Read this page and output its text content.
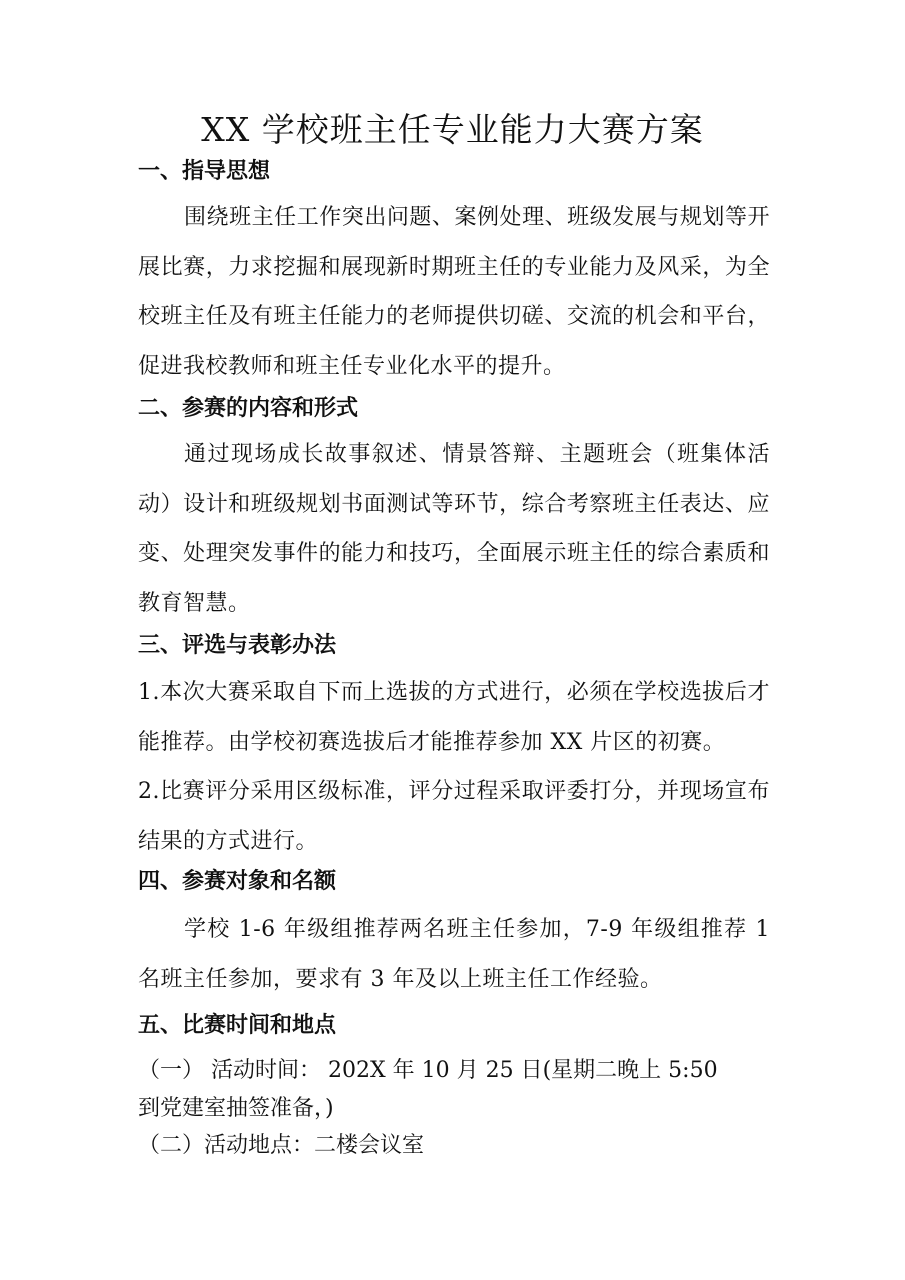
XX 学校班主任专业能力大赛方案
一、指导思想
围绕班主任工作突出问题、案例处理、班级发展与规划等开展比赛，力求挖掘和展现新时期班主任的专业能力及风采，为全校班主任及有班主任能力的老师提供切磋、交流的机会和平台，促进我校教师和班主任专业化水平的提升。
二、参赛的内容和形式
通过现场成长故事叙述、情景答辩、主题班会（班集体活动）设计和班级规划书面测试等环节，综合考察班主任表达、应变、处理突发事件的能力和技巧，全面展示班主任的综合素质和教育智慧。
三、评选与表彰办法
1.本次大赛采取自下而上选拔的方式进行，必须在学校选拔后才能推荐。由学校初赛选拔后才能推荐参加 XX 片区的初赛。
2.比赛评分采用区级标准，评分过程采取评委打分，并现场宣布结果的方式进行。
四、参赛对象和名额
学校 1-6 年级组推荐两名班主任参加，7-9 年级组推荐 1 名班主任参加，要求有 3 年及以上班主任工作经验。
五、比赛时间和地点
（一） 活动时间： 202X 年 10 月 25 日(星期二晚上 5:50
到党建室抽签准备，)
（二）活动地点：二楼会议室
